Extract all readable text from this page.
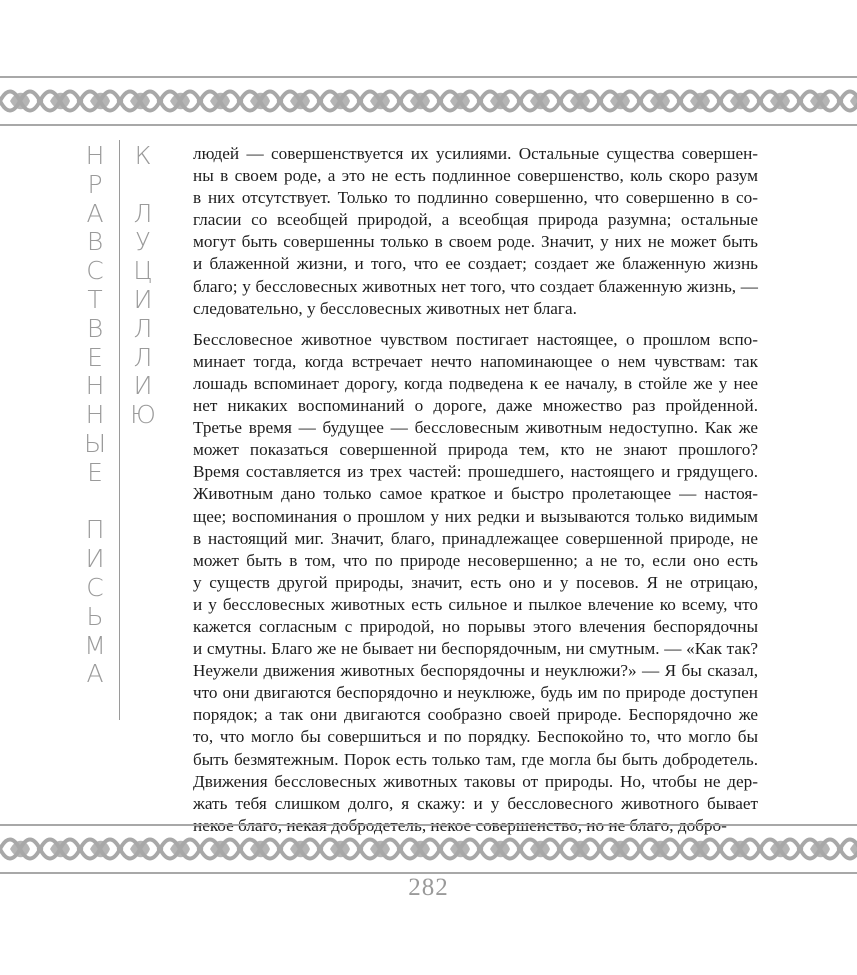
Н
Р
А
В
С
Т
В
Е
Н
Н
Ы
Е
П
И
С
Ь
М
А
К
Л
У
Ц
И
Л
Л
И
Ю
людей — совершенствуется их усилиями. Остальные существа совершен-
ны в своем роде, а это не есть подлинное совершенство, коль скоро разум
в них отсутствует. Только то подлинно совершенно, что совершенно в со-
гласии со всеобщей природой, а всеобщая природа разумна; остальные
могут быть совершенны только в своем роде. Значит, у них не может быть
и блаженной жизни, и того, что ее создает; создает же блаженную жизнь
благо; у бессловесных животных нет того, что создает блаженную жизнь, —
следовательно, у бессловесных животных нет блага.
Бессловесное животное чувством постигает настоящее, о прошлом вспо-
минает тогда, когда встречает нечто напоминающее о нем чувствам: так
лошадь вспоминает дорогу, когда подведена к ее началу, в стойле же у нее
нет никаких воспоминаний о дороге, даже множество раз пройденной.
Третье время — будущее — бессловесным животным недоступно. Как же
может показаться совершенной природа тем, кто не знают прошлого?
Время составляется из трех частей: прошедшего, настоящего и грядущего.
Животным дано только самое краткое и быстро пролетающее — настоя-
щее; воспоминания о прошлом у них редки и вызываются только видимым
в настоящий миг. Значит, благо, принадлежащее совершенной природе, не
может быть в том, что по природе несовершенно; а не то, если оно есть
у существ другой природы, значит, есть оно и у посевов. Я не отрицаю,
и у бессловесных животных есть сильное и пылкое влечение ко всему, что
кажется согласным с природой, но порывы этого влечения беспорядочны
и смутны. Благо же не бывает ни беспорядочным, ни смутным. — «Как так?
Неужели движения животных беспорядочны и неуклюжи?» — Я бы сказал,
что они двигаются беспорядочно и неуклюже, будь им по природе доступен
порядок; а так они двигаются сообразно своей природе. Беспорядочно же
то, что могло бы совершиться и по порядку. Беспокойно то, что могло бы
быть безмятежным. Порок есть только там, где могла бы быть добродетель.
Движения бессловесных животных таковы от природы. Но, чтобы не дер-
жать тебя слишком долго, я скажу: и у бессловесного животного бывает
некое благо, некая добродетель, некое совершенство, но не благо, добро-
282
